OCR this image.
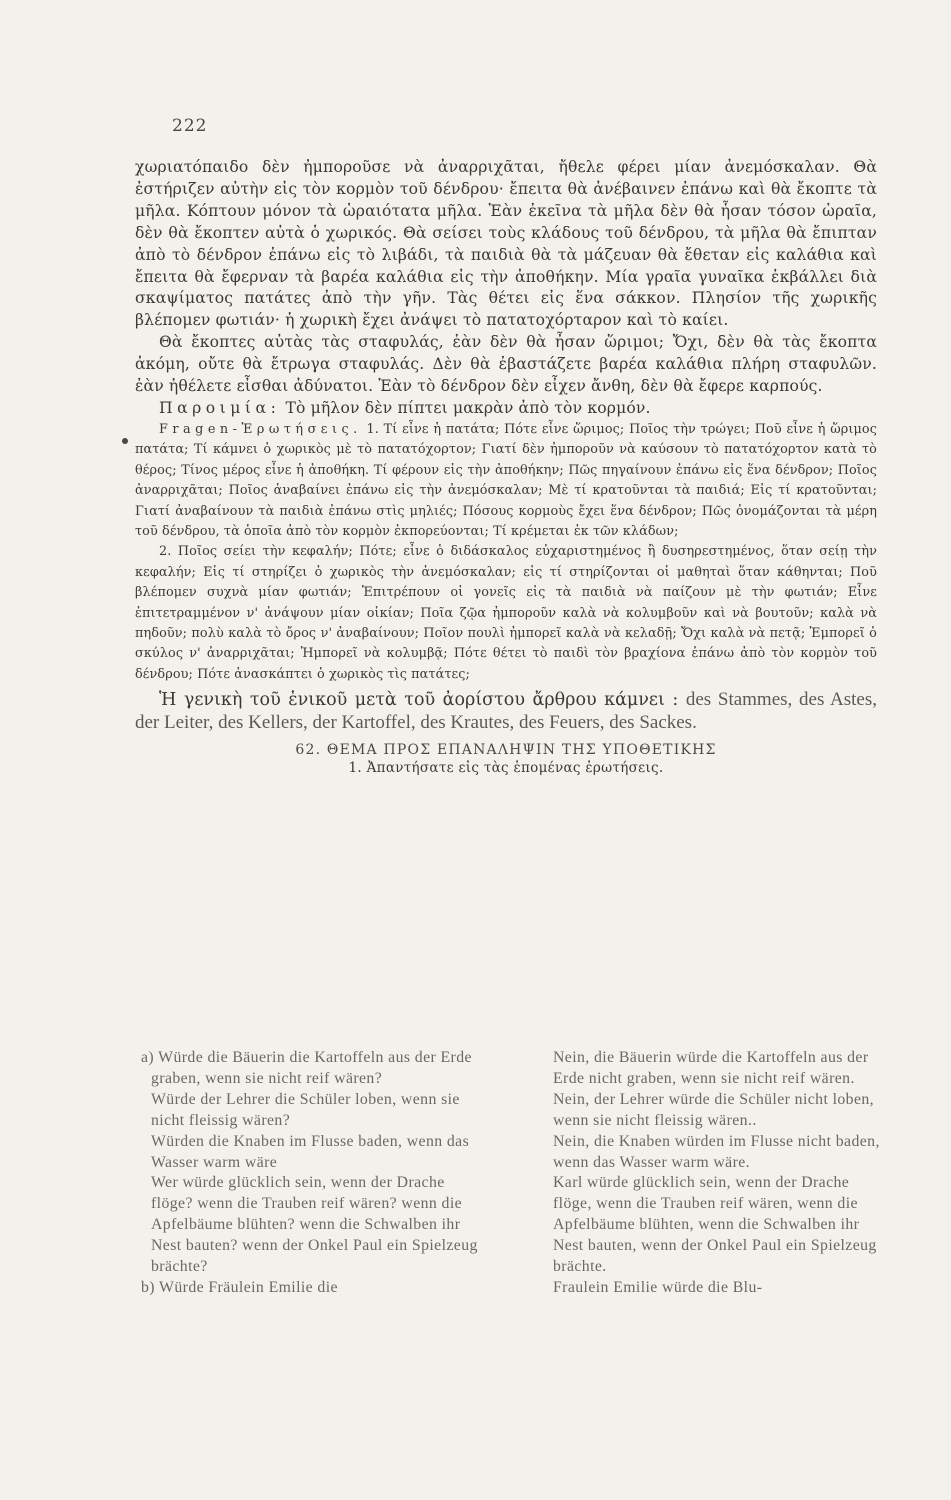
222

χωριατόπαιδο δὲν ἠμποροῦσε νὰ ἀναρριχᾶται, ἤθελε φέρει μίαν ἀνεμόσκαλαν. Θὰ ἐστήριζεν αὐτὴν εἰς τὸν κορμὸν τοῦ δένδρου· ἔπειτα θὰ ἀνέβαινεν ἐπάνω καὶ θὰ ἔκοπτε τὰ μῆλα. Κόπτουν μόνον τὰ ὡραιότατα μῆλα. Ἐὰν ἐκεῖνα τὰ μῆλα δὲν θὰ ἦσαν τόσον ὡραῖα, δὲν θὰ ἔκοπτεν αὐτὰ ὁ χωρικός. Θὰ σείσει τοὺς κλάδους τοῦ δένδρου, τὰ μῆλα θὰ ἔπιπταν ἀπὸ τὸ δένδρον ἐπάνω εἰς τὸ λιβάδι, τὰ παιδιὰ θὰ τὰ μάζευαν θὰ ἔθεταν εἰς καλάθια καὶ ἔπειτα θὰ ἔφερναν τὰ βαρέα καλάθια εἰς τὴν ἀποθήκην. Μία γραῖα γυναῖκα ἐκβάλλει διὰ σκαψίματος πατάτες ἀπὸ τὴν γῆν. Τὰς θέτει εἰς ἕνα σάκκον. Πλησίον τῆς χωρικῆς βλέπομεν φωτιάν· ἡ χωρικὴ ἔχει ἀνάψει τὸ πατατοχόρταρον καὶ τὸ καίει.

Θὰ ἔκοπτες αὐτὰς τὰς σταφυλάς, ἐὰν δὲν θὰ ἦσαν ὥριμοι; Ὄχι, δὲν θὰ τὰς ἔκοπτα ἀκόμη, οὔτε θὰ ἔτρωγα σταφυλάς. Δὲν θὰ ἐβαστάζετε βαρέα καλάθια πλήρη σταφυλῶν. ἐὰν ἠθέλετε εἶσθαι ἀδύνατοι. Ἐὰν τὸ δένδρον δὲν εἶχεν ἄνθη, δὲν θὰ ἔφερε καρπούς.

Παροιμία: Τὸ μῆλον δὲν πίπτει μακρὰν ἀπὸ τὸν κορμόν.

Fragen-Ἐρωτήσεις. 1. Τί εἶνε ἡ πατάτα; Πότε εἶνε ὥριμος; Ποῖος τὴν τρώγει; Ποῦ εἶνε ἡ ὥριμος πατάτα; Τί κάμνει ὁ χωρικὸς μὲ τὸ πατατόχορτον; Γιατί δὲν ἠμποροῦν νὰ καύσουν τὸ πατατόχορτον κατὰ τὸ θέρος; Τίνος μέρος εἶνε ἡ ἀποθήκη. Τί φέρουν εἰς τὴν ἀποθήκην; Πῶς πηγαίνουν ἐπάνω εἰς ἕνα δένδρον; Ποῖος ἀναρριχᾶται; Ποῖος ἀναβαίνει ἐπάνω εἰς τὴν ἀνεμόσκαλαν; Μὲ τί κρατοῦνται τὰ παιδιά; Εἰς τί κρατοῦνται; Γιατί ἀναβαίνουν τὰ παιδιὰ ἐπάνω στὶς μηλιές; Πόσους κορμοὺς ἔχει ἕνα δένδρον; Πῶς ὀνομάζονται τὰ μέρη τοῦ δένδρου, τὰ ὁποῖα ἀπὸ τὸν κορμὸν ἐκπορεύονται; Τί κρέμεται ἐκ τῶν κλάδων;

2. Ποῖος σείει τὴν κεφαλήν; Πότε; εἶνε ὁ διδάσκαλος εὐχαριστημένος ἢ δυσηρεστημένος, ὅταν σείῃ τὴν κεφαλήν; Εἰς τί στηρίζει ὁ χωρικὸς τὴν ἀνεμόσκαλαν; εἰς τί στηρίζονται οἱ μαθηταὶ ὅταν κάθηνται; Ποῦ βλέπομεν συχνὰ μίαν φωτιάν; Ἐπιτρέπουν οἱ γονεῖς εἰς τὰ παιδιὰ νὰ παίζουν μὲ τὴν φωτιάν; Εἶνε ἐπιτετραμμένον ν' ἀνάψουν μίαν οἰκίαν; Ποῖα ζῷα ἠμποροῦν καλὰ νὰ κολυμβοῦν καὶ νὰ βουτοῦν; καλὰ νὰ πηδοῦν; πολὺ καλὰ τὸ ὄρος ν' ἀναβαίνουν; Ποῖον πουλὶ ἠμπορεῖ καλὰ νὰ κελαδῇ; Ὄχι καλὰ νὰ πετᾷ; Ἐμπορεῖ ὁ σκύλος ν' ἀναρριχᾶται; Ἠμπορεῖ νὰ κολυμβᾷ; Πότε θέτει τὸ παιδὶ τὸν βραχίονα ἐπάνω ἀπὸ τὸν κορμὸν τοῦ δένδρου; Πότε ἀνασκάπτει ὁ χωρικὸς τὶς πατάτες;

Ἡ γενικὴ τοῦ ἑνικοῦ μετὰ τοῦ ἀορίστου ἄρθρου κάμνει : des Stammes, des Astes, der Leiter, des Kellers, der Kartoffel, des Krautes, des Feuers, des Sackes.

62. ΘΕΜΑ ΠΡΟΣ ΕΠΑΝΑΛΗΨΙΝ ΤΗΣ ΥΠΟΘΕΤΙΚΗΣ

1. Ἀπαντήσατε εἰς τὰς ἑπομένας ἐρωτήσεις.

a) Würde die Bäuerin die Kartoffeln aus der Erde graben, wenn sie nicht reif wären?

Würde der Lehrer die Schüler loben, wenn sie nicht fleissig wären?

Würden die Knaben im Flusse baden, wenn das Wasser warm wäre

Wer würde glücklich sein, wenn der Drache flöge? wenn die Trauben reif wären? wenn die Apfelbäume blühten? wenn die Schwalben ihr Nest bauten? wenn der Onkel Paul ein Spielzeug brächte?

b) Würde Fräulein Emilie die

Nein, die Bäuerin würde die Kartoffeln aus der Erde nicht graben, wenn sie nicht reif wären.

Nein, der Lehrer würde die Schüler nicht loben, wenn sie nicht fleissig wären..

Nein, die Knaben würden im Flusse nicht baden, wenn das Wasser warm wäre.

Karl würde glücklich sein, wenn der Drache flöge, wenn die Trauben reif wären, wenn die Apfelbäume blühten, wenn die Schwalben ihr Nest bauten, wenn der Onkel Paul ein Spielzeug brächte.

Fraulein Emilie würde die Blu-
